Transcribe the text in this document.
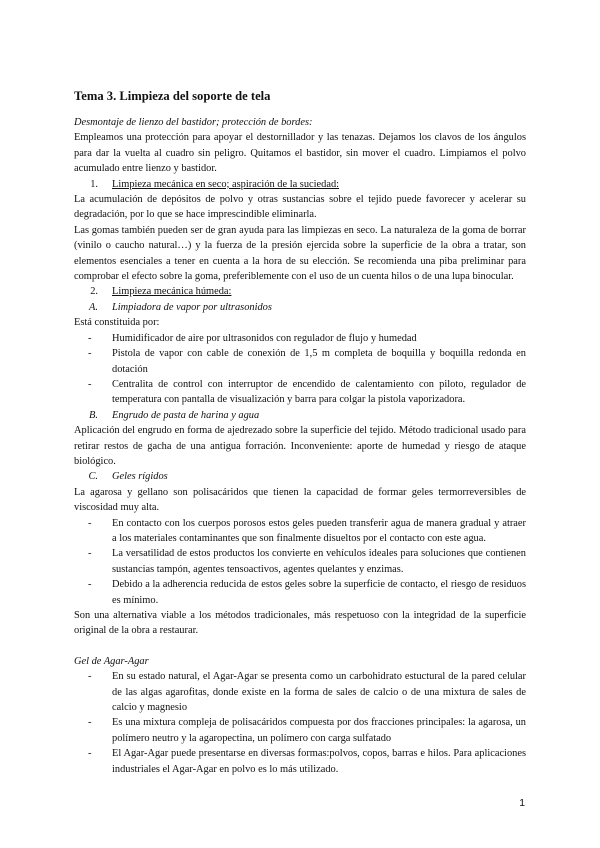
Tema 3. Limpieza del soporte de tela

Desmontaje de lienzo del bastidor; protección de bordes:

Empleamos una protección para apoyar el destornillador y las tenazas. Dejamos los clavos de los ángulos para dar la vuelta al cuadro sin peligro. Quitamos el bastidor, sin mover el cuadro. Limpiamos el polvo acumulado entre lienzo y bastidor.

1.	Limpieza mecánica en seco; aspiración de la suciedad:

La acumulación de depósitos de polvo y otras sustancias sobre el tejido puede favorecer y acelerar su degradación, por lo que se hace imprescindible eliminarla.

Las gomas también pueden ser de gran ayuda para las limpiezas en seco. La naturaleza de la goma de borrar (vinilo o caucho natural…) y la fuerza de la presión ejercida sobre la superficie de la obra a tratar, son elementos esenciales a tener en cuenta a la hora de su elección. Se recomienda una piba preliminar para comprobar el efecto sobre la goma, preferiblemente con el uso de un cuenta hilos o de una lupa binocular.

2.	Limpieza mecánica húmeda:

A.	Limpiadora de vapor por ultrasonidos

Está constituida por:

- Humidificador de aire por ultrasonidos con regulador de flujo y humedad

- Pistola de vapor con cable de conexión de 1,5 m completa de boquilla y boquilla redonda en dotación

- Centralita de control con interruptor de encendido de calentamiento con piloto, regulador de temperatura con pantalla de visualización y barra para colgar la pistola vaporizadora.

B.	Engrudo de pasta de harina y agua

Aplicación del engrudo en forma de ajedrezado sobre la superficie del tejido. Método tradicional usado para retirar restos de gacha de una antigua forración. Inconveniente: aporte de humedad y riesgo de ataque biológico.

C.	Geles rígidos

La agarosa y gellano son polisacáridos que tienen la capacidad de formar geles termorreversibles de viscosidad muy alta.

- En contacto con los cuerpos porosos estos geles pueden transferir agua de manera gradual y atraer a los materiales contaminantes que son finalmente disueltos por el contacto con este agua.

- La versatilidad de estos productos los convierte en vehículos ideales para soluciones que contienen sustancias tampón, agentes tensoactivos, agentes quelantes y enzimas.

- Debido a la adherencia reducida de estos geles sobre la superficie de contacto, el riesgo de residuos es mínimo.

Son una alternativa viable a los métodos tradicionales, más respetuoso con la integridad de la superficie original de la obra a restaurar.

Gel de Agar-Agar

- En su estado natural, el Agar-Agar se presenta como un carbohidrato estuctural de la pared celular de las algas agarofitas, donde existe en la forma de sales de calcio o de una mixtura de sales de calcio y magnesio

- Es una mixtura compleja de polisacáridos compuesta por dos fracciones principales: la agarosa, un polímero neutro y la agaropectina, un polímero con carga sulfatado

- El Agar-Agar puede presentarse en diversas formas:polvos, copos, barras e hilos. Para aplicaciones industriales el Agar-Agar en polvo es lo más utilizado.

1
